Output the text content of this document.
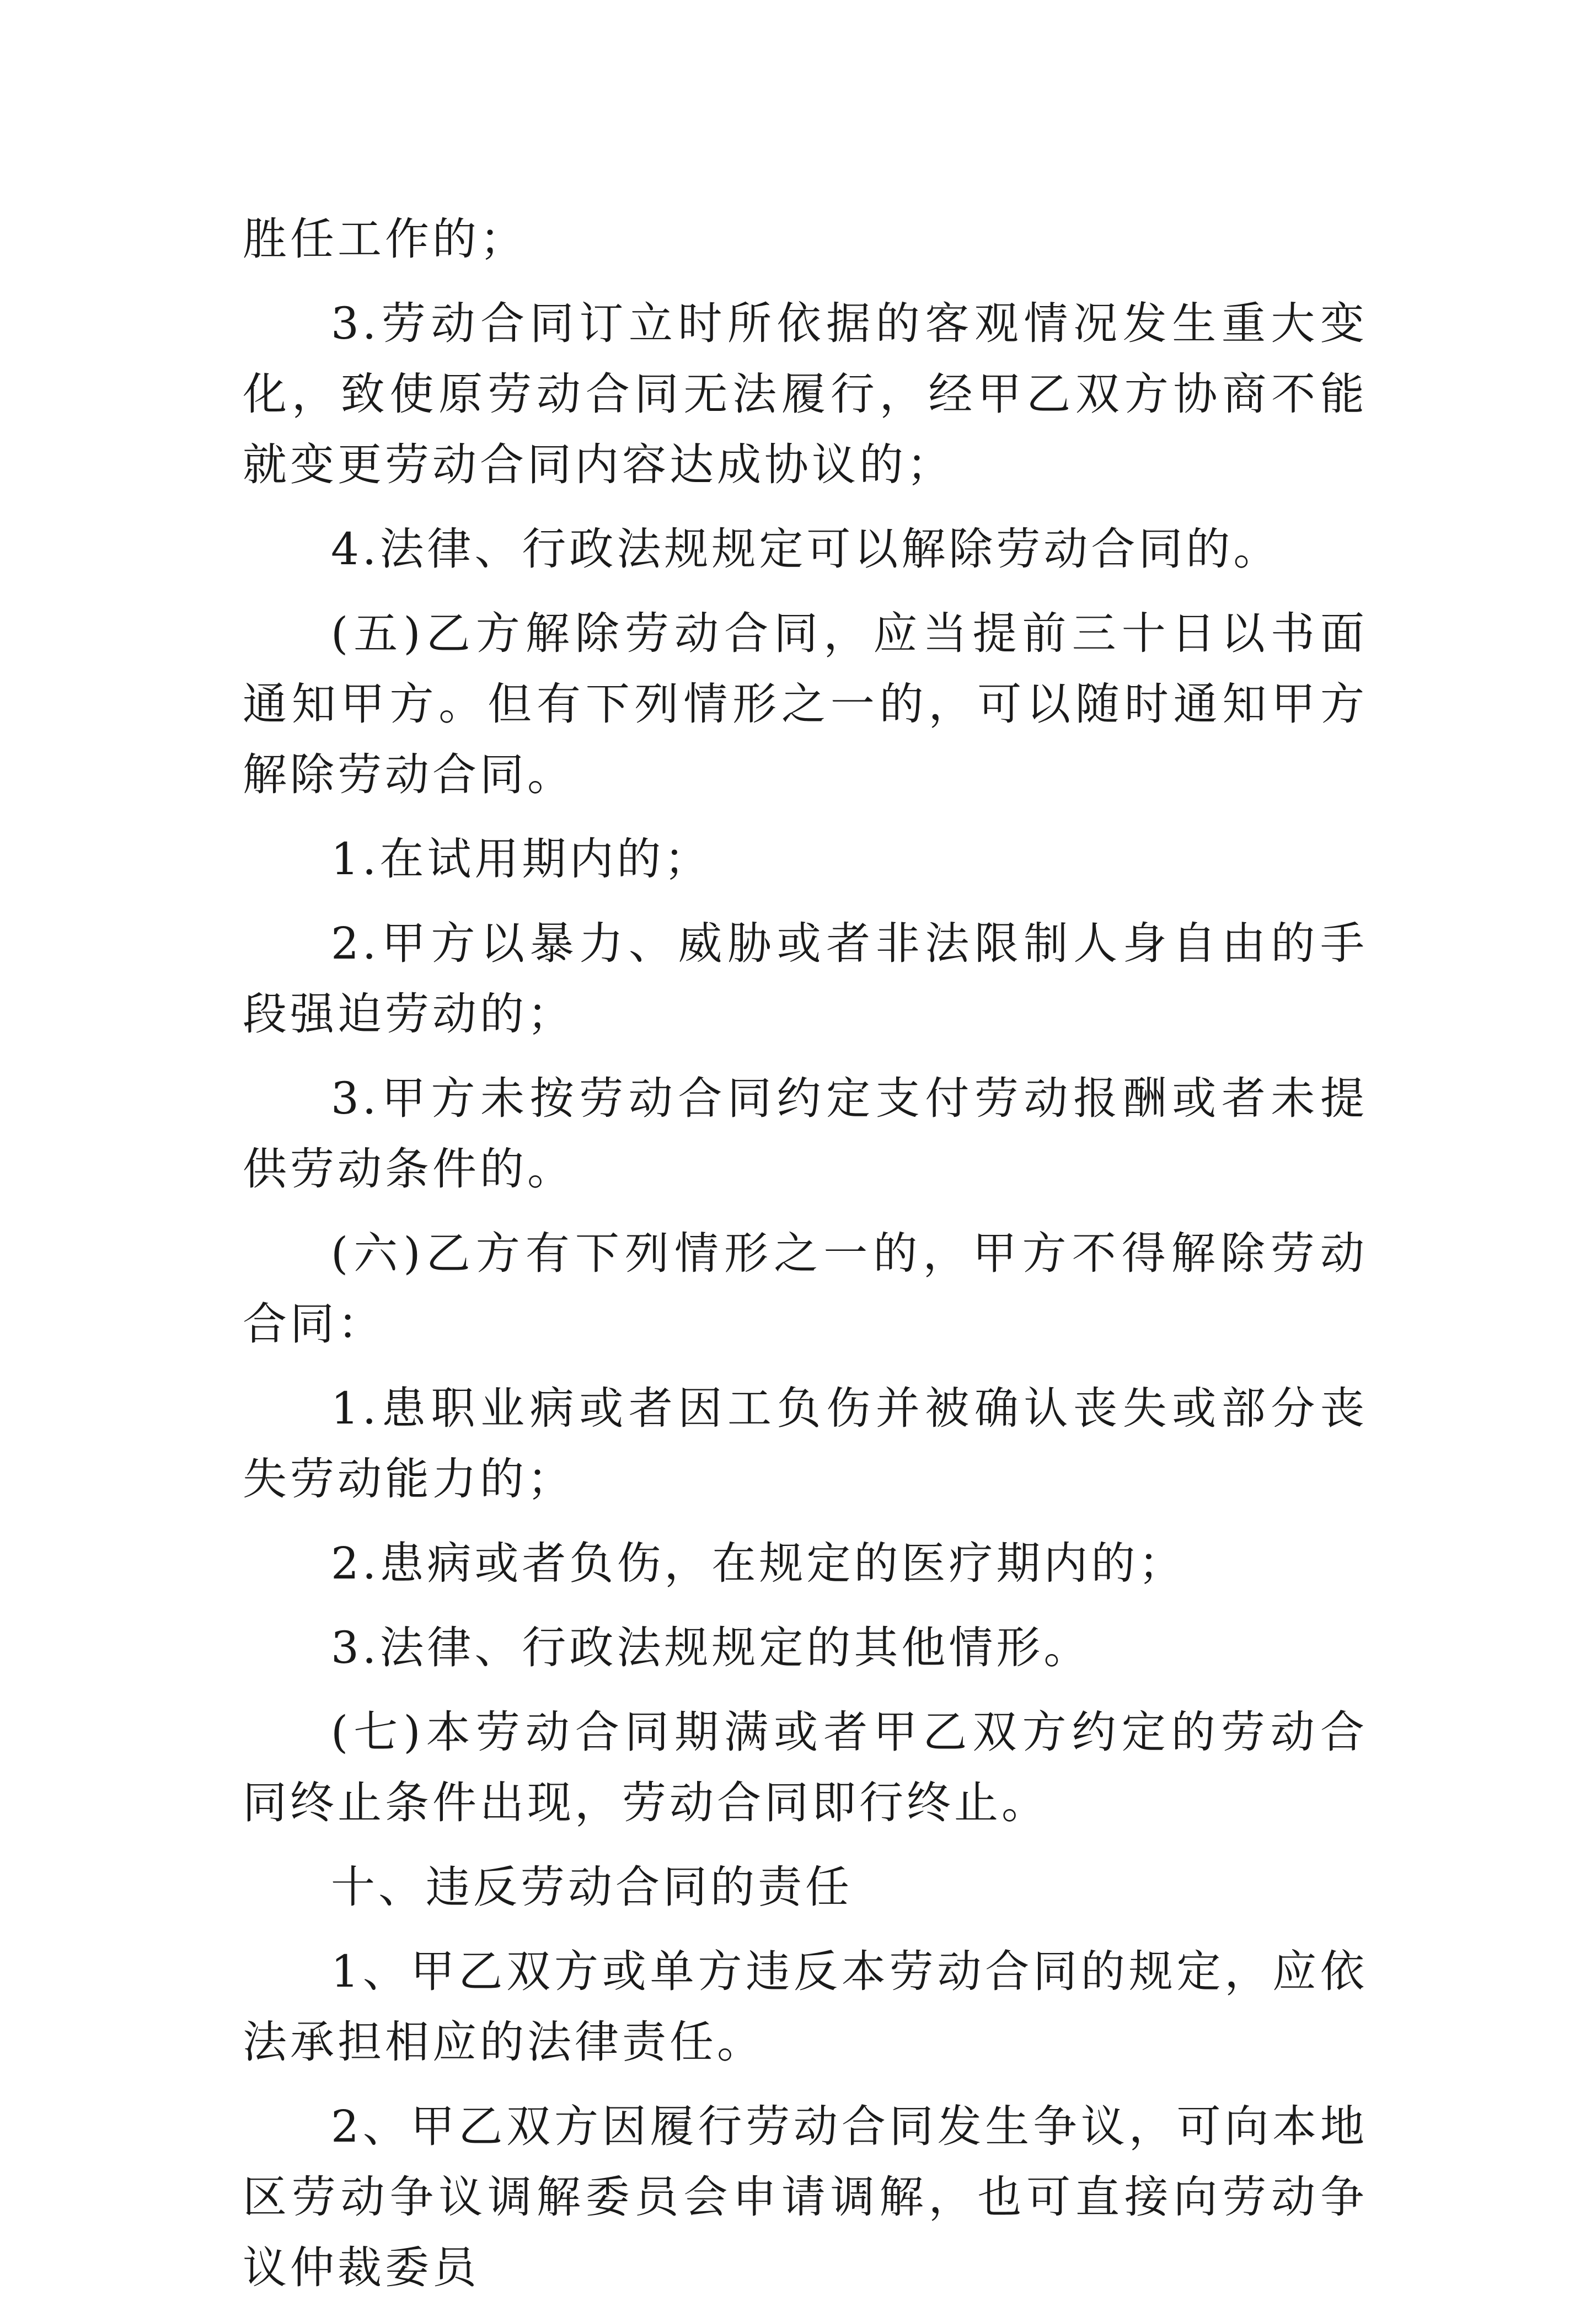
胜任工作的；

3.劳动合同订立时所依据的客观情况发生重大变化，致使原劳动合同无法履行，经甲乙双方协商不能就变更劳动合同内容达成协议的；

4.法律、行政法规规定可以解除劳动合同的。

(五)乙方解除劳动合同，应当提前三十日以书面通知甲方。但有下列情形之一的，可以随时通知甲方解除劳动合同。

1.在试用期内的；

2.甲方以暴力、威胁或者非法限制人身自由的手段强迫劳动的；

3.甲方未按劳动合同约定支付劳动报酬或者未提供劳动条件的。

(六)乙方有下列情形之一的，甲方不得解除劳动合同：

1.患职业病或者因工负伤并被确认丧失或部分丧失劳动能力的；

2.患病或者负伤，在规定的医疗期内的；

3.法律、行政法规规定的其他情形。

(七)本劳动合同期满或者甲乙双方约定的劳动合同终止条件出现，劳动合同即行终止。

十、违反劳动合同的责任

1、甲乙双方或单方违反本劳动合同的规定，应依法承担相应的法律责任。

2、甲乙双方因履行劳动合同发生争议，可向本地区劳动争议调解委员会申请调解，也可直接向劳动争议仲裁委员
